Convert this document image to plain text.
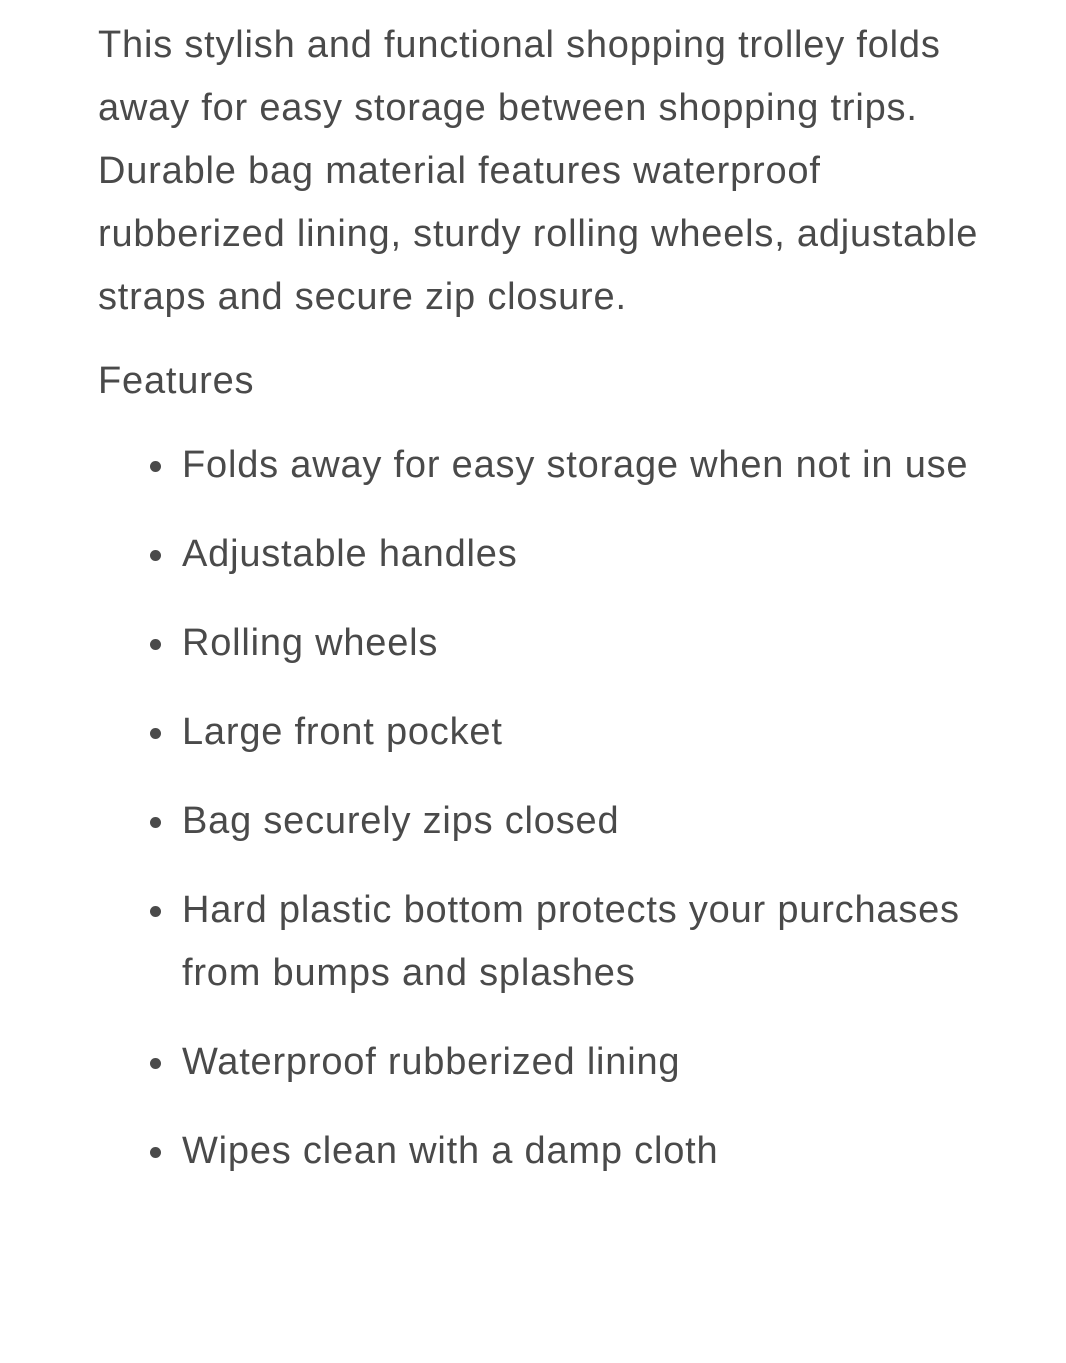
This stylish and functional shopping trolley folds away for easy storage between shopping trips. Durable bag material features waterproof rubberized lining, sturdy rolling wheels, adjustable straps and secure zip closure.

Features
Folds away for easy storage when not in use
Adjustable handles
Rolling wheels
Large front pocket
Bag securely zips closed
Hard plastic bottom protects your purchases from bumps and splashes
Waterproof rubberized lining
Wipes clean with a damp cloth
